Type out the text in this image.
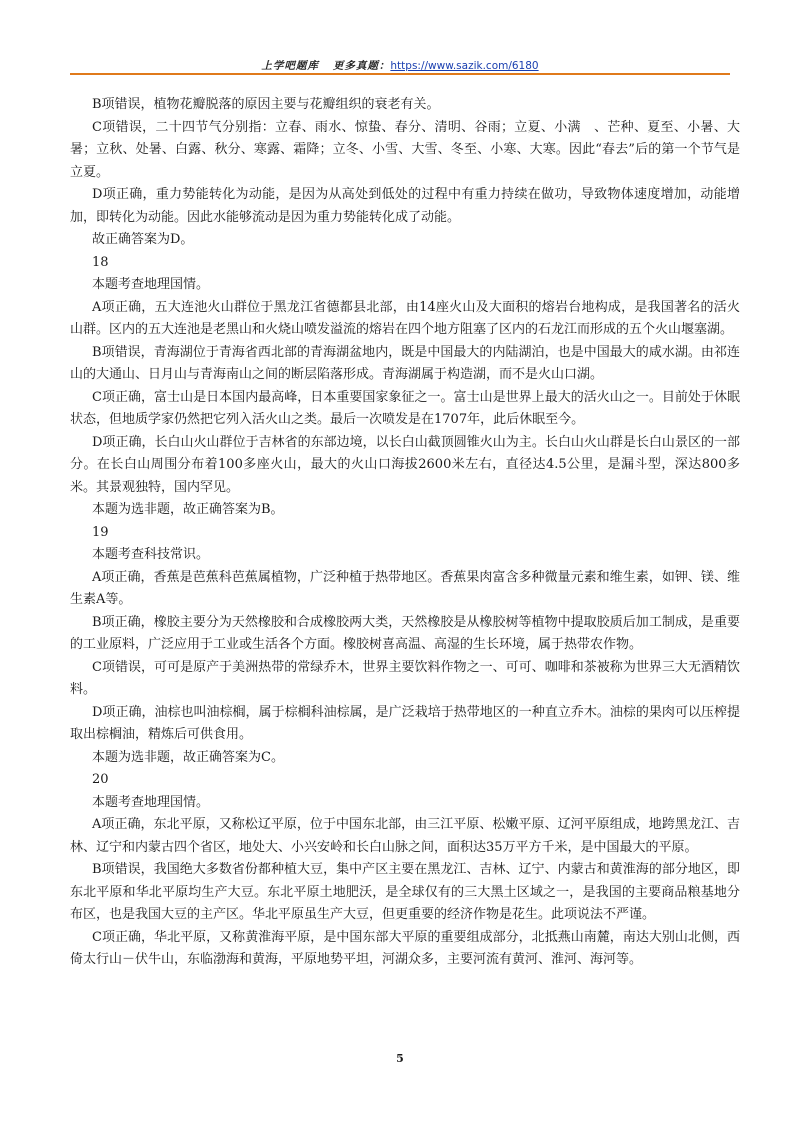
上学吧题库 更多真题：https://www.sazik.com/6180

B项错误，植物花瓣脱落的原因主要与花瓣组织的衰老有关。

C项错误，二十四节气分别指：立春、雨水、惊蛰、春分、清明、谷雨；立夏、小满　、芒种、夏至、小暑、大暑；立秋、处暑、白露、秋分、寒露、霜降；立冬、小雪、大雪、冬至、小寒、大寒。因此“春去”后的第一个节气是立夏。

D项正确，重力势能转化为动能，是因为从高处到低处的过程中有重力持续在做功，导致物体速度增加，动能增加，即转化为动能。因此水能够流动是因为重力势能转化成了动能。

故正确答案为D。

18

本题考查地理国情。

A项正确，五大连池火山群位于黑龙江省德都县北部，由14座火山及大面积的熔岩台地构成，是我国著名的活火山群。区内的五大连池是老黑山和火烧山喷发溢流的熔岩在四个地方阻塞了区内的石龙江而形成的五个火山堰塞湖。

B项错误，青海湖位于青海省西北部的青海湖盆地内，既是中国最大的内陆湖泊，也是中国最大的咸水湖。由祁连山的大通山、日月山与青海南山之间的断层陷落形成。青海湖属于构造湖，而不是火山口湖。

C项正确，富士山是日本国内最高峰，日本重要国家象征之一。富士山是世界上最大的活火山之一。目前处于休眠状态，但地质学家仍然把它列入活火山之类。最后一次喷发是在1707年，此后休眠至今。

D项正确，长白山火山群位于吉林省的东部边境，以长白山截顶圆锥火山为主。长白山火山群是长白山景区的一部分。在长白山周围分布着100多座火山，最大的火山口海拔2600米左右，直径达4.5公里，是漏斗型，深达800多米。其景观独特，国内罕见。

本题为选非题，故正确答案为B。

19

本题考查科技常识。

A项正确，香蕉是芭蕉科芭蕉属植物，广泛种植于热带地区。香蕉果肉富含多种微量元素和维生素，如钾、镁、维生素A等。

B项正确，橡胶主要分为天然橡胶和合成橡胶两大类，天然橡胶是从橡胶树等植物中提取胶质后加工制成，是重要的工业原料，广泛应用于工业或生活各个方面。橡胶树喜高温、高湿的生长环境，属于热带农作物。

C项错误，可可是原产于美洲热带的常绿乔木，世界主要饮料作物之一、可可、咖啡和茶被称为世界三大无酒精饮料。

D项正确，油棕也叫油棕榈，属于棕榈科油棕属，是广泛栽培于热带地区的一种直立乔木。油棕的果肉可以压榨提取出棕榈油，精炼后可供食用。

本题为选非题，故正确答案为C。

20

本题考查地理国情。

A项正确，东北平原，又称松辽平原，位于中国东北部，由三江平原、松嫩平原、辽河平原组成，地跨黑龙江、吉林、辽宁和内蒙古四个省区，地处大、小兴安岭和长白山脉之间，面积达35万平方千米，是中国最大的平原。

B项错误，我国绝大多数省份都种植大豆，集中产区主要在黑龙江、吉林、辽宁、内蒙古和黄淮海的部分地区，即东北平原和华北平原均生产大豆。东北平原土地肥沃，是全球仅有的三大黑土区域之一，是我国的主要商品粮基地分布区，也是我国大豆的主产区。华北平原虽生产大豆，但更重要的经济作物是花生。此项说法不严谨。

C项正确，华北平原，又称黄淮海平原，是中国东部大平原的重要组成部分，北抵燕山南麓，南达大别山北侧，西倚太行山－伏牛山，东临渤海和黄海，平原地势平坦，河湖众多，主要河流有黄河、淮河、海河等。

5
